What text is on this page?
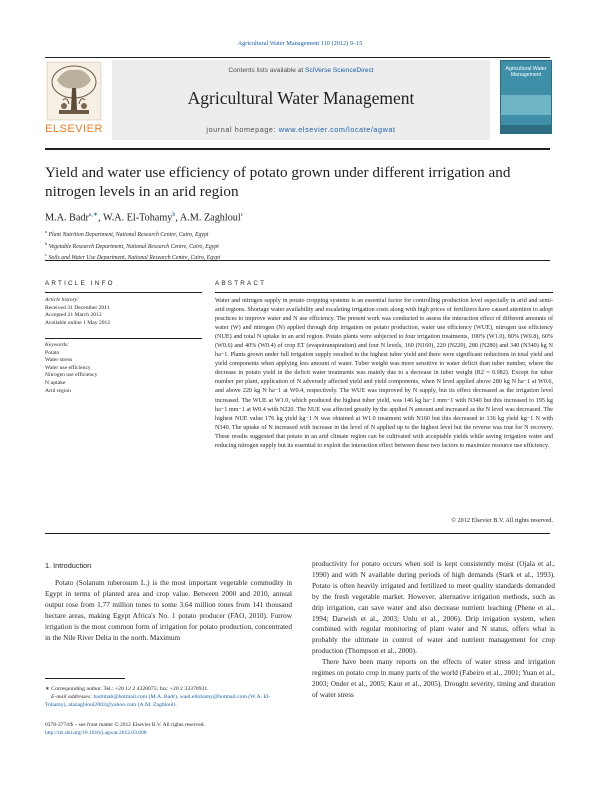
Agricultural Water Management 110 (2012) 9–15
ELSEVIER
Contents lists available at SciVerse ScienceDirect
Agricultural Water Management
journal homepage: www.elsevier.com/locate/agwat
Agricultural Water Management
Yield and water use efficiency of potato grown under different irrigation and nitrogen levels in an arid region
M.A. Badr$^{a,∗}$, W.A. El-Tohamy$^b$, A.M. Zaghloul$^c$
$^a$ Plant Nutrition Department, National Research Centre, Cairo, Egypt
$^b$ Vegetable Research Department, National Research Centre, Cairo, Egypt
$^c$ Soils and Water Use Department, National Research Centre, Cairo, Egypt
ARTICLE INFO
Article history:
Received 31 December 2011
Accepted 21 March 2012
Available online 1 May 2012
Keywords:
Potato
Water stress
Water use efficiency
Nitrogen use efficiency
N uptake
Arid region
ABSTRACT
Water and nitrogen supply in potato cropping systems is an essential factor for controlling production level especially in arid and semi-arid regions. Shortage water availability and escalating irrigation costs along with high prices of fertilizers have caused attention to adopt practices to improve water and N use efficiency. The present work was conducted to assess the interaction effect of different amounts of water (W) and nitrogen (N) applied through drip irrigation on potato production, water use efficiency (WUE), nitrogen use efficiency (NUE) and total N uptake in an arid region. Potato plants were subjected to four irrigation treatments, 100% (W1.0), 80% (W0.8), 60% (W0.6) and 40% (W0.4) of crop ET (evapotranspiration) and four N levels, 160 (N160), 220 (N220), 280 (N280) and 340 (N340) kg N ha−1. Plants grown under full irrigation supply resulted in the highest tuber yield and there were significant reductions in total yield and yield components when applying less amount of water. Tuber weight was more sensitive to water deficit than tuber number, where the decrease in potato yield in the deficit water treatments was mainly due to a decrease in tuber weight (R2 = 0.982). Except for tuber number per plant, application of N adversely affected yield and yield components, when N level applied above 280 kg N ha−1 at W0.6, and above 220 kg N ha−1 at W0.4, respectively. The WUE was improved by N supply, but its effect decreased as the irrigation level increased. The WUE at W1.0, which produced the highest tuber yield, was 146 kg ha−1 mm−1 with N340 but this increased to 195 kg ha−1 mm−1 at W0.4 with N220. The NUE was affected greatly by the applied N amount and increased as the N level was decreased. The highest NUE value 176 kg yield kg−1 N was obtained at W1.0 treatment with N160 but this decreased to 136 kg yield kg−1 N with N340. The uptake of N increased with increase in the level of N applied up to the highest level but the reverse was true for N recovery. These results suggested that potato in an arid climate region can be cultivated with acceptable yields while saving irrigation water and reducing nitrogen supply but its essential to exploit the interaction effect between these two factors to maximize resource use efficiency.
© 2012 Elsevier B.V. All rights reserved.
1. Introduction
Potato (Solanum tuberosum L.) is the most important vegetable commodity in Egypt in terms of planted area and crop value. Between 2000 and 2010, annual output rose from 1.77 million tones to some 3.64 million tones from 141 thousand hectare areas, making Egypt Africa's No. 1 potato producer (FAO, 2010). Furrow irrigation is the most common form of irrigation for potato production, concentrated in the Nile River Delta in the north. Maximum
productivity for potato occurs when soil is kept consistently moist (Ojala et al., 1990) and with N available during periods of high demands (Stark et al., 1993). Potato is often heavily irrigated and fertilized to meet quality standards demanded by the fresh vegetable market. However, alternative irrigation methods, such as drip irrigation, can save water and also decrease nutrient leaching (Phene et al., 1994; Darwish et al., 2003; Unlu et al., 2006). Drip irrigation system, when combined with regular monitoring of plant water and N status, offers what is probably the ultimate in control of water and nutrient management for crop production (Thompson et al., 2000).
There have been many reports on the effects of water stress and irrigation regimes on potato crop in many parts of the world (Fabeiro et al., 2001; Yuan et al., 2003; Onder et al., 2005; Kaur et al., 2005). Drought severity, timing and duration of water stress
∗ Corresponding author. Tel.: +20 12 2 4320075; fax: +20 2 33370931.
E-mail addresses: badrmab@hotmail.com (M.A. Badr), wael.eltohamy@hotmail.com (W.A. El-Tohamy), alazaghloul2002@yahoo.com (A.M. Zaghloul).
0378-3774/$ – see front matter © 2012 Elsevier B.V. All rights reserved.
http://dx.doi.org/10.1016/j.agwat.2012.03.008
